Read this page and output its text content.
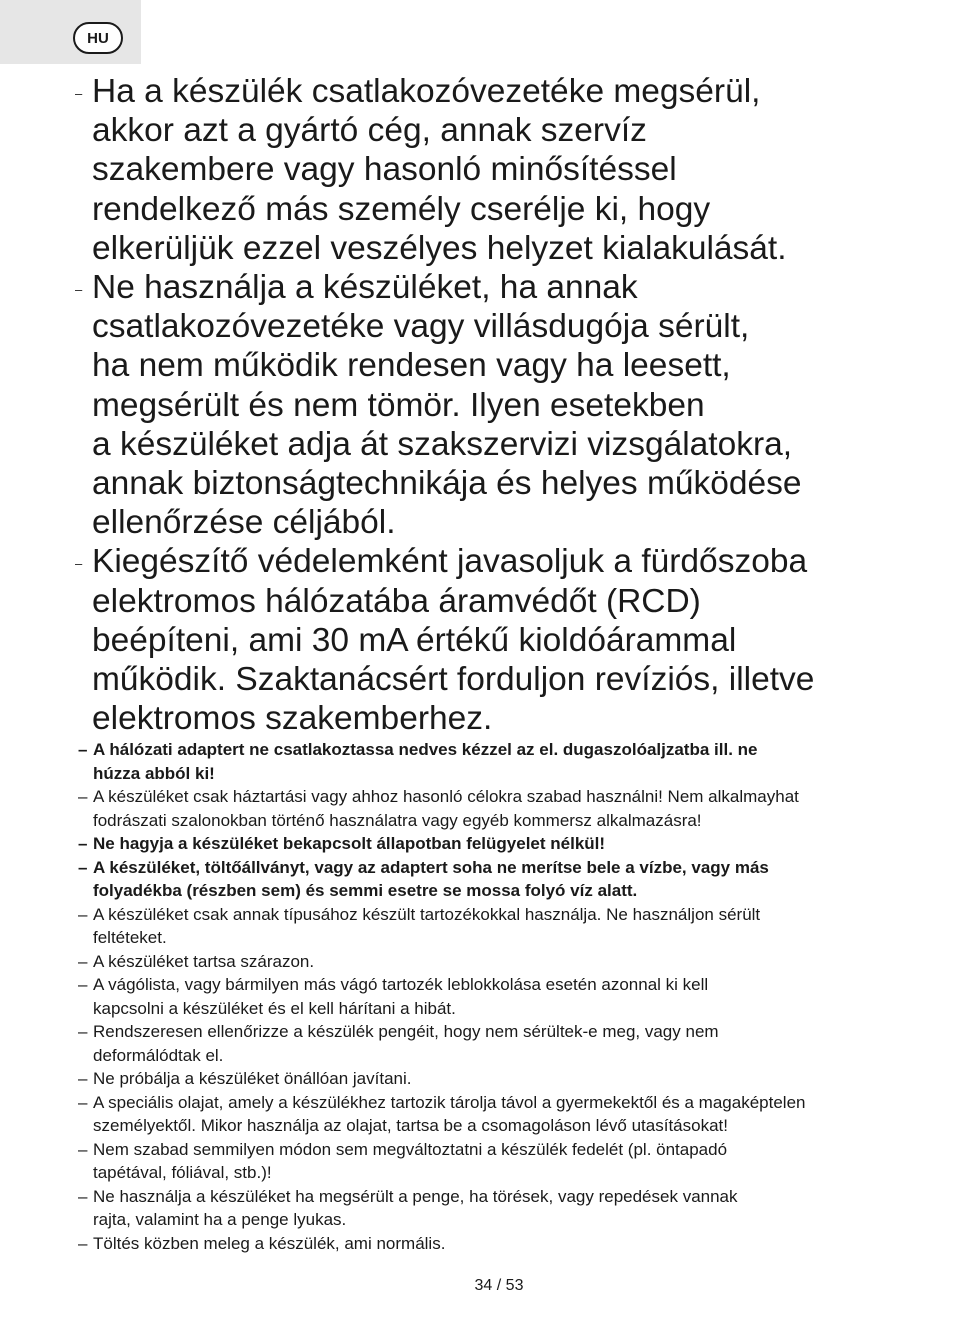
HU

– Ha a készülék csatlakozóvezetéke megsérül,
akkor azt a gyártó cég, annak szervíz
szakembere vagy hasonló minősítéssel
rendelkező más személy cserélje ki, hogy
elkerüljük ezzel veszélyes helyzet kialakulását.

– Ne használja a készüléket, ha annak
csatlakozóvezetéke vagy villásdugója sérült,
ha nem működik rendesen vagy ha leesett,
megsérült és nem tömör. Ilyen esetekben
a készüléket adja át szakszervizi vizsgálatokra,
annak biztonságtechnikája és helyes működése
ellenőrzése céljából.

– Kiegészítő védelemként javasoljuk a fürdőszoba
elektromos hálózatába áramvédőt (RCD)
beépíteni, ami 30 mA értékű kioldóárammal
működik. Szaktanácsért forduljon revíziós, illetve
elektromos szakemberhez.

– A hálózati adaptert ne csatlakoztassa nedves kézzel az el. dugaszolóaljzatba ill. ne
húzza abból ki!

– A készüléket csak háztartási vagy ahhoz hasonló célokra szabad használni! Nem alkalmayhat
fodrászati szalonokban történő használatra vagy egyéb kommersz alkalmazásra!

– Ne hagyja a készüléket bekapcsolt állapotban felügyelet nélkül!

– A készüléket, töltőállványt, vagy az adaptert soha ne merítse bele a vízbe, vagy más
folyadékba (részben sem) és semmi esetre se mossa folyó víz alatt.

– A készüléket csak annak típusához készült tartozékokkal használja. Ne használjon sérült
feltéteket.

– A készüléket tartsa szárazon.

– A vágólista, vagy bármilyen más vágó tartozék leblokkolása esetén azonnal ki kell
kapcsolni a készüléket és el kell hárítani a hibát.

– Rendszeresen ellenőrizze a készülék pengéit, hogy nem sérültek-e meg, vagy nem
deformálódtak el.

– Ne próbálja a készüléket önállóan javítani.

– A speciális olajat, amely a készülékhez tartozik tárolja távol a gyermekektől és a magaképtelen
személyektől. Mikor használja az olajat, tartsa be a csomagoláson lévő utasításokat!

– Nem szabad semmilyen módon sem megváltoztatni a készülék fedelét (pl. öntapadó
tapétával, fóliával, stb.)!

– Ne használja a készüléket ha megsérült a penge, ha törések, vagy repedések vannak
rajta, valamint ha a penge lyukas.

– Töltés közben meleg a készülék, ami normális.

34 / 53
